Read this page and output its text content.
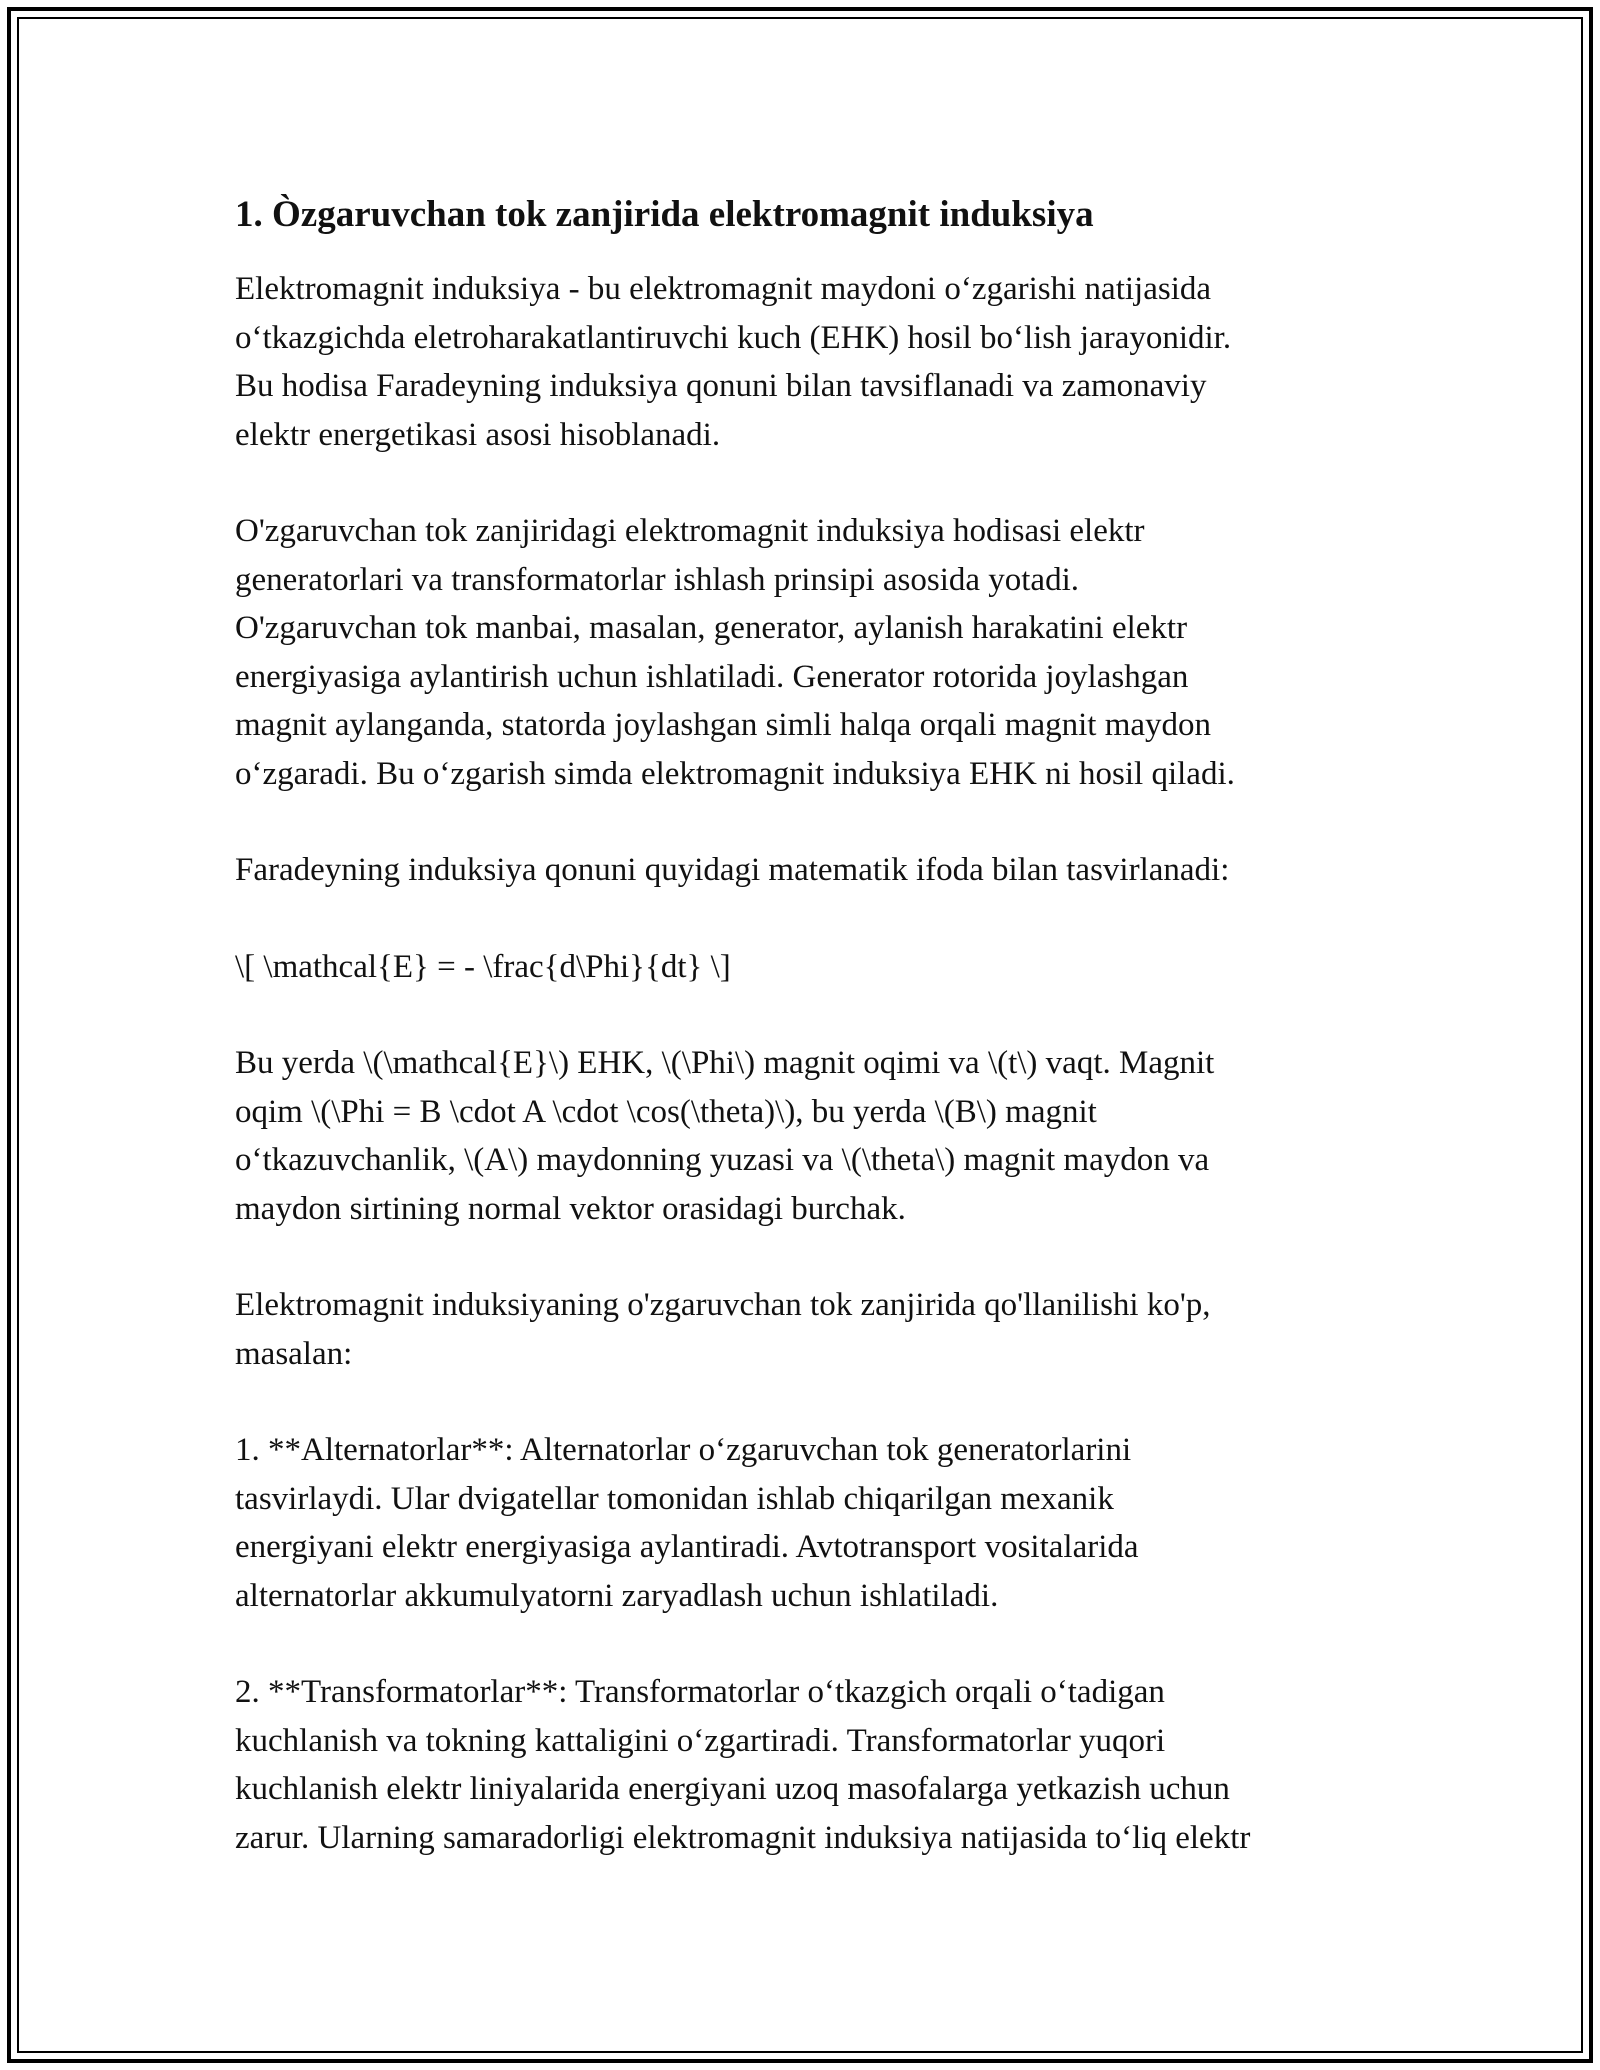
1. Òzgaruvchan tok zanjirida elektromagnit induksiya

Elektromagnit induksiya - bu elektromagnit maydoni o‘zgarishi natijasida
o‘tkazgichda eletroharakatlantiruvchi kuch (EHK) hosil bo‘lish jarayonidir.
Bu hodisa Faradeyning induksiya qonuni bilan tavsiflanadi va zamonaviy
elektr energetikasi asosi hisoblanadi.

O'zgaruvchan tok zanjiridagi elektromagnit induksiya hodisasi elektr
generatorlari va transformatorlar ishlash prinsipi asosida yotadi.
O'zgaruvchan tok manbai, masalan, generator, aylanish harakatini elektr
energiyasiga aylantirish uchun ishlatiladi. Generator rotorida joylashgan
magnit aylanganda, statorda joylashgan simli halqa orqali magnit maydon
o‘zgaradi. Bu o‘zgarish simda elektromagnit induksiya EHK ni hosil qiladi.

Faradeyning induksiya qonuni quyidagi matematik ifoda bilan tasvirlanadi:

\[ \mathcal{E} = - \frac{d\Phi}{dt} \]

Bu yerda \(\mathcal{E}\) EHK, \(\Phi\) magnit oqimi va \(t\) vaqt. Magnit
oqim \(\Phi = B \cdot A \cdot \cos(\theta)\), bu yerda \(B\) magnit
o‘tkazuvchanlik, \(A\) maydonning yuzasi va \(\theta\) magnit maydon va
maydon sirtining normal vektor orasidagi burchak.

Elektromagnit induksiyaning o'zgaruvchan tok zanjirida qo'llanilishi ko'p,
masalan:

1. **Alternatorlar**: Alternatorlar o‘zgaruvchan tok generatorlarini
tasvirlaydi. Ular dvigatellar tomonidan ishlab chiqarilgan mexanik
energiyani elektr energiyasiga aylantiradi. Avtotransport vositalarida
alternatorlar akkumulyatorni zaryadlash uchun ishlatiladi.

2. **Transformatorlar**: Transformatorlar o‘tkazgich orqali o‘tadigan
kuchlanish va tokning kattaligini o‘zgartiradi. Transformatorlar yuqori
kuchlanish elektr liniyalarida energiyani uzoq masofalarga yetkazish uchun
zarur. Ularning samaradorligi elektromagnit induksiya natijasida to‘liq elektr
